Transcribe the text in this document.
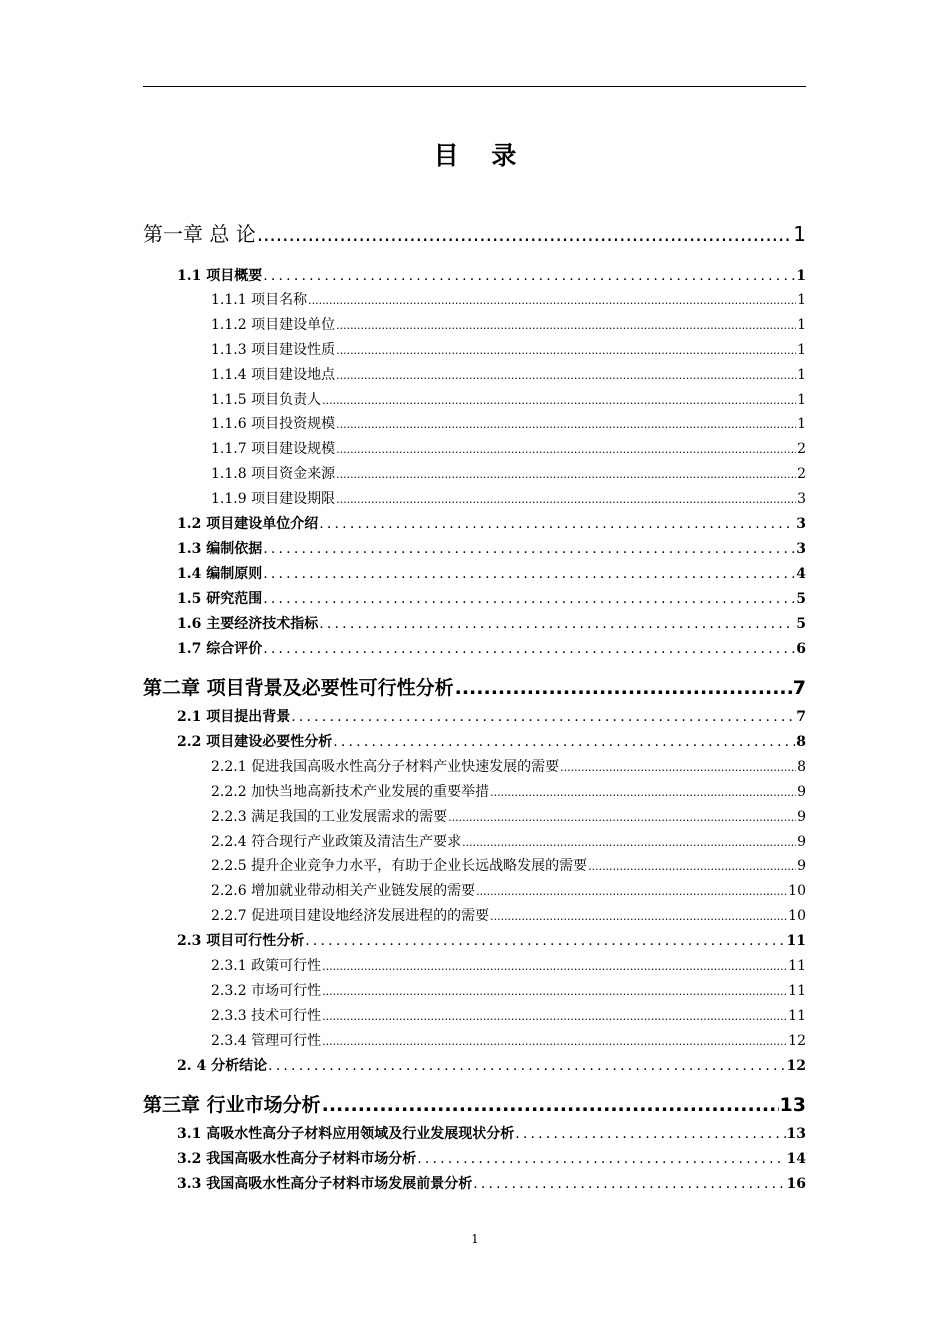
目 录
第一章 总 论 .....	1
1.1 项目概要 .....	1
1.1.1 项目名称 .....	1
1.1.2 项目建设单位 .....	1
1.1.3 项目建设性质 .....	1
1.1.4 项目建设地点 .....	1
1.1.5 项目负责人 .....	1
1.1.6 项目投资规模 .....	1
1.1.7 项目建设规模 .....	2
1.1.8 项目资金来源 .....	2
1.1.9 项目建设期限 .....	3
1.2 项目建设单位介绍 .....	3
1.3 编制依据 .....	3
1.4 编制原则 .....	4
1.5 研究范围 .....	5
1.6 主要经济技术指标 .....	5
1.7 综合评价 .....	6
第二章 项目背景及必要性可行性分析 .....	7
2.1 项目提出背景 .....	7
2.2 项目建设必要性分析 .....	8
2.2.1 促进我国高吸水性高分子材料产业快速发展的需要 .....	8
2.2.2 加快当地高新技术产业发展的重要举措 .....	9
2.2.3 满足我国的工业发展需求的需要 .....	9
2.2.4 符合现行产业政策及清洁生产要求 .....	9
2.2.5 提升企业竞争力水平，有助于企业长远战略发展的需要 .....	9
2.2.6 增加就业带动相关产业链发展的需要 .....	10
2.2.7 促进项目建设地经济发展进程的的需要 .....	10
2.3 项目可行性分析 .....	11
2.3.1 政策可行性 .....	11
2.3.2 市场可行性 .....	11
2.3.3 技术可行性 .....	11
2.3.4 管理可行性 .....	12
2. 4 分析结论 .....	12
第三章 行业市场分析 .....	13
3.1 高吸水性高分子材料应用领域及行业发展现状分析 .....	13
3.2 我国高吸水性高分子材料市场分析 .....	14
3.3 我国高吸水性高分子材料市场发展前景分析 .....	16
1
